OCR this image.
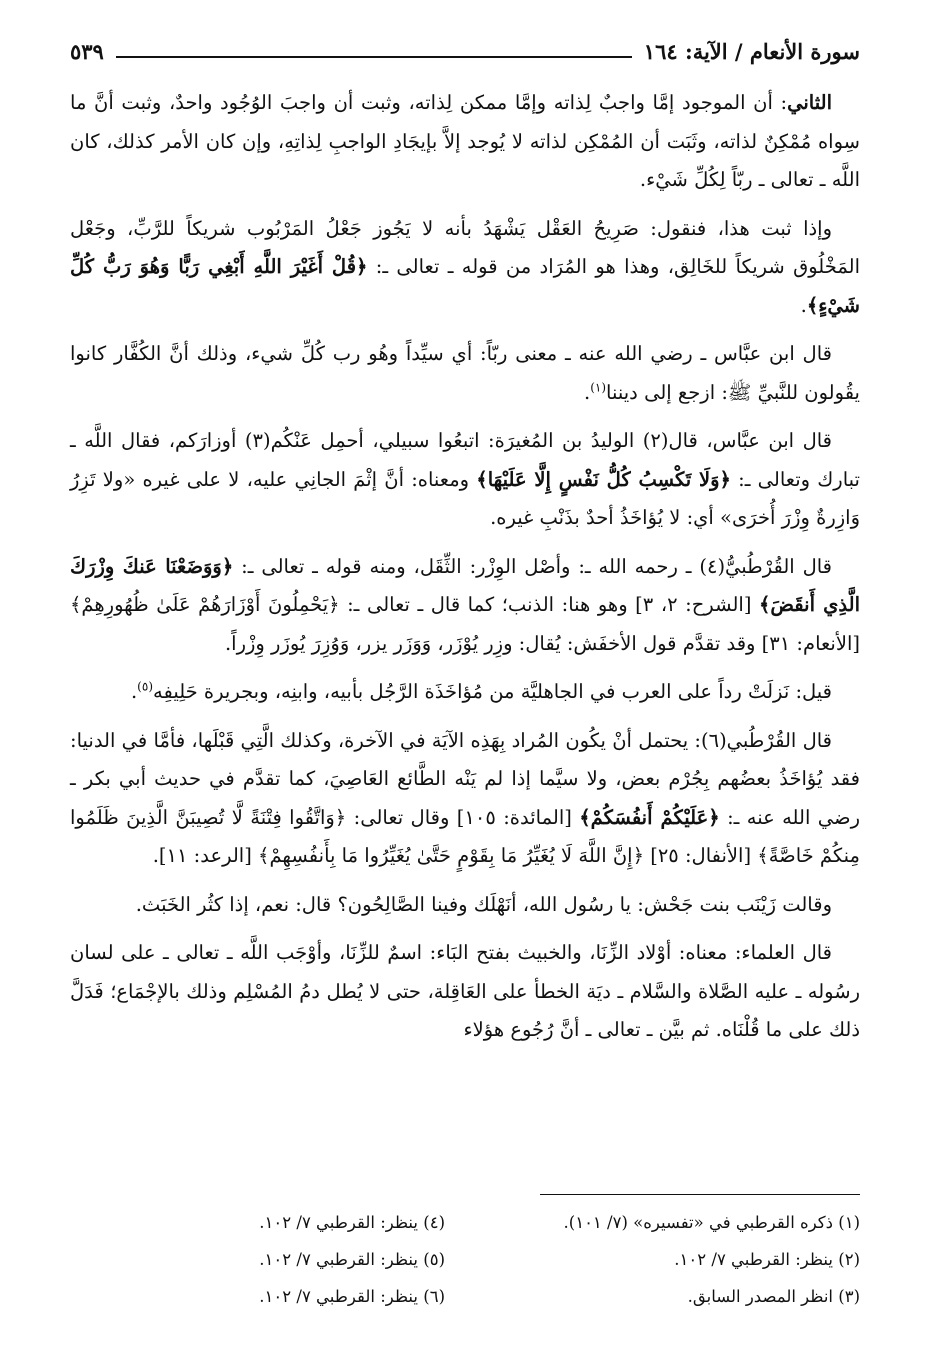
سورة الأنعام / الآية: ١٦٤
٥٣٩

الثاني: أن الموجود إمَّا واجبٌ لِذاته وإمَّا ممكن لِذاته، وثبت أن واجبَ الوُجُود واحدٌ، وثبت أنَّ ما سِواه مُمْكِنٌ لذاته، وثَبَت أن المُمْكِن لذاته لا يُوجد إلاَّ بإيجَادِ الواجبِ لِذاتِهِ، وإن كان الأمر كذلك، كان اللَّه ـ تعالى ـ ربّاً لِكُلِّ شَيْء.

وإذا ثبت هذا، فنقول: صَرِيحُ العَقْل يَشْهَدُ بأنه لا يَجُوز جَعْلُ المَرْبُوب شريكاً للرَّبِّ، وجَعْل المَخْلُوق شريكاً للخَالِق، وهذا هو المُرَاد من قوله ـ تعالى ـ: ﴿قُلْ أَغَيْرَ اللَّهِ أَبْغِي رَبًّا وَهُوَ رَبُّ كُلِّ شَيْءٍ﴾.

قال ابن عبَّاس ـ رضي الله عنه ـ معنى ربّاً: أي سيِّداً وهُو رب كُلِّ شيء، وذلك أنَّ الكُفَّار كانوا يقُولون للنَّبيِّ ﷺ: ازجع إلى ديننا$^{(١)}$.

قال ابن عبَّاس، قال(٢) الوليدُ بن المُغيرَة: اتبعُوا سبيلي، أحمِل عَنْكُم(٣) أوزارَكم، فقال اللَّه ـ تبارك وتعالى ـ: ﴿وَلَا تَكْسِبُ كُلُّ نَفْسٍ إِلَّا عَلَيْهَا﴾ ومعناه: أنَّ إثْمَ الجانِي عليه، لا على غيره «ولا تَزِرُ وَازِرةٌ وِزْرَ أُخرَى» أي: لا يُؤاخَذُ أحدٌ بذَنْبِ غيره.

قال القُرْطُبيُّ(٤) ـ رحمه الله ـ: وأصْل الوِزْر: الثِّقَل، ومنه قوله ـ تعالى ـ: ﴿وَوَضَعْنَا عَنكَ وِزْرَكَ الَّذِي أَنقَضَ﴾ [الشرح: ٢، ٣] وهو هنا: الذنب؛ كما قال ـ تعالى ـ: ﴿يَحْمِلُونَ أَوْزَارَهُمْ عَلَىٰ ظُهُورِهِمْ﴾ [الأنعام: ٣١] وقد تقدَّم قول الأخفَش: يُقال: وزِر يُوْزَر، وَوَزَر يزر، وَوُزِرَ يُوزَر وِزْراً.

قيل: نَزلَتْ رداً على العرب في الجاهليَّة من مُؤاخَذَة الرَّجُل بأبيه، وابنِه، وبجريرة حَلِيفِه$^{(٥)}$.

قال القُرْطُبي(٦): يحتمل أنْ يكُون المُراد بِهَذِه الآيَة في الآخرة، وكذلك الَّتِي قَبْلَها، فأمَّا في الدنيا: فقد يُؤاخَذُ بعضُهم بِجُرْم بعض، ولا سيَّما إذا لم يَنْه الطَّائع العَاصِيَ، كما تقدَّم في حديث أبي بكر ـ رضي الله عنه ـ: ﴿عَلَيْكُمْ أَنفُسَكُمْ﴾ [المائدة: ١٠٥] وقال تعالى: ﴿وَاتَّقُوا فِتْنَةً لَّا تُصِيبَنَّ الَّذِينَ ظَلَمُوا مِنكُمْ خَاصَّةً﴾ [الأنفال: ٢٥] ﴿إِنَّ اللَّهَ لَا يُغَيِّرُ مَا بِقَوْمٍ حَتَّىٰ يُغَيِّرُوا مَا بِأَنفُسِهِمْ﴾ [الرعد: ١١].

وقالت زَيْنَب بنت جَحْش: يا رسُول الله، أنَهْلَك وفينا الصَّالِحُون؟ قال: نعم، إذا كثُر الخَبَث.

قال العلماء: معناه: أوْلاد الزِّنَا، والخبيث بفتح البَاء: اسمٌ للزِّنَا، وأوْجَب اللَّه ـ تعالى ـ على لسان رسُوله ـ عليه الصَّلاة والسَّلام ـ ديَة الخطأ على العَاقِلة، حتى لا يُطل دمُ المُسْلِم وذلك بالإجْمَاع؛ فَدَلَّ ذلك على ما قُلْنَاه. ثم بيَّن ـ تعالى ـ أنَّ رُجُوع هؤلاء

(١) ذكره القرطبي في «تفسيره» (٧/ ١٠١).
(٤) ينظر: القرطبي ٧/ ١٠٢.
(٢) ينظر: القرطبي ٧/ ١٠٢.
(٥) ينظر: القرطبي ٧/ ١٠٢.
(٣) انظر المصدر السابق.
(٦) ينظر: القرطبي ٧/ ١٠٢.
